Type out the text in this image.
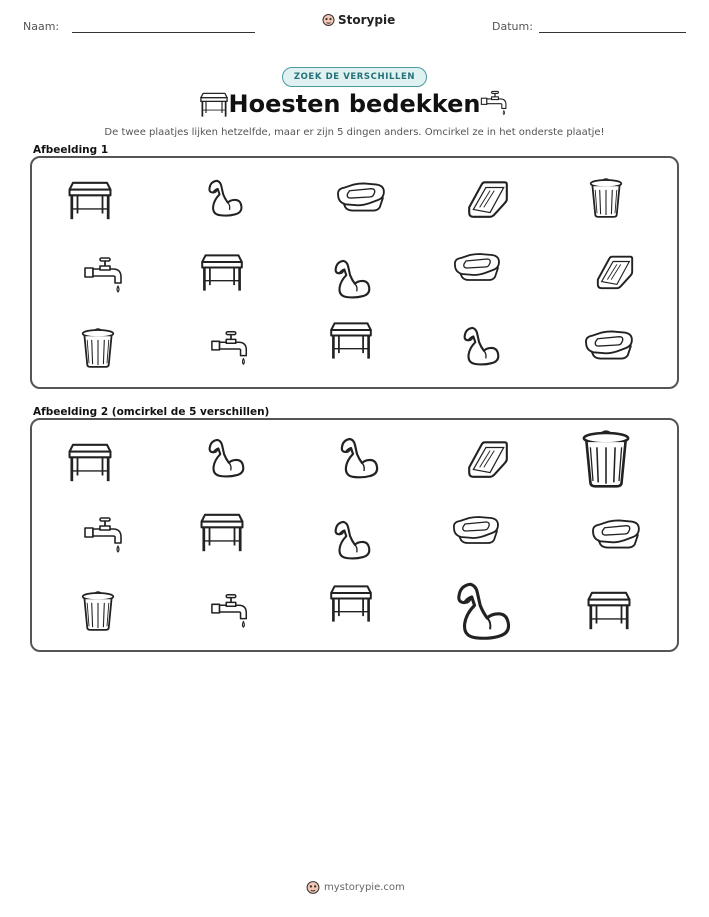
Naam:	Storypie	Datum:
ZOEK DE VERSCHILLEN
Hoesten bedekken
De twee plaatjes lijken hetzelfde, maar er zijn 5 dingen anders. Omcirkel ze in het onderste plaatje!
Afbeelding 1
Afbeelding 2 (omcirkel de 5 verschillen)
mystorypie.com
